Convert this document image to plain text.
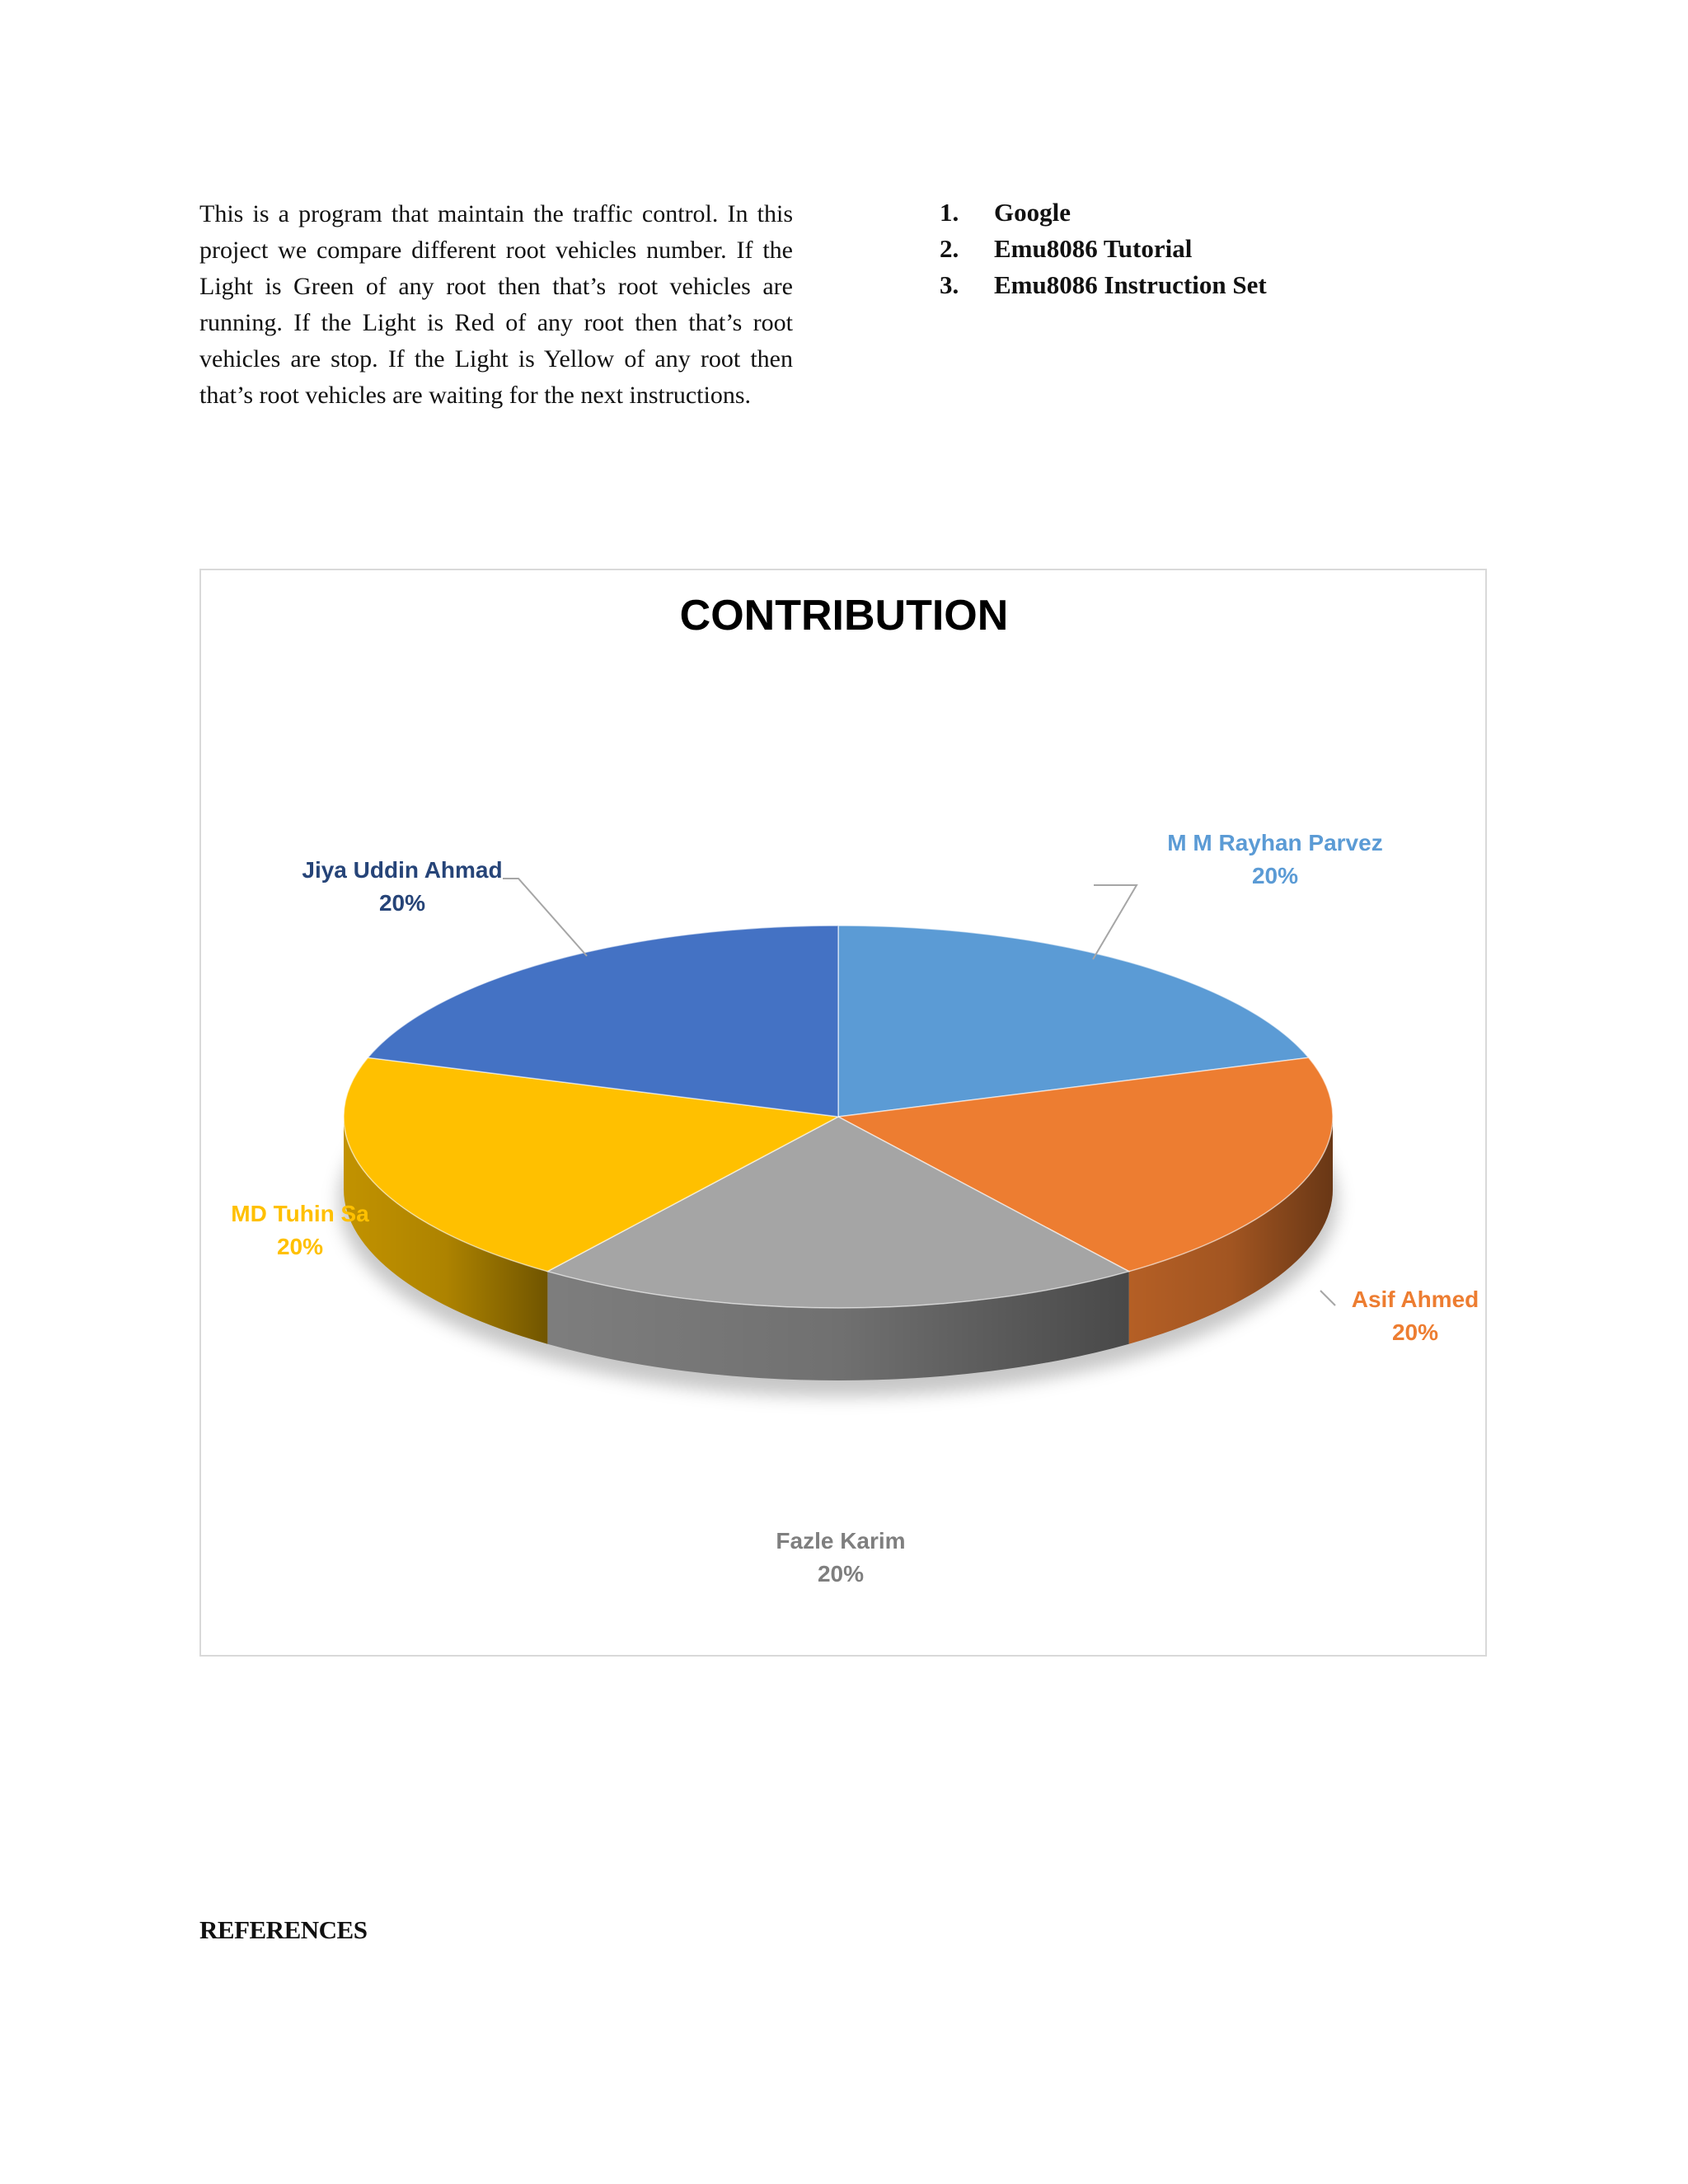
This is a program that maintain the traffic control. In this project we compare different root vehicles number. If the Light is Green of any root then that’s root vehicles are running. If the Light is Red of any root then that’s root vehicles are stop. If the Light is Yellow of any root then that’s root vehicles are waiting for the next instructions.

1.	Google
2.	Emu8086 Tutorial
3.	Emu8086 Instruction Set
CONTRIBUTION
M M Rayhan Parvez
20%
Asif Ahmed
20%
Fazle Karim
20%
MD Tuhin Sa
20%
Jiya Uddin Ahmad
20%
REFERENCES
